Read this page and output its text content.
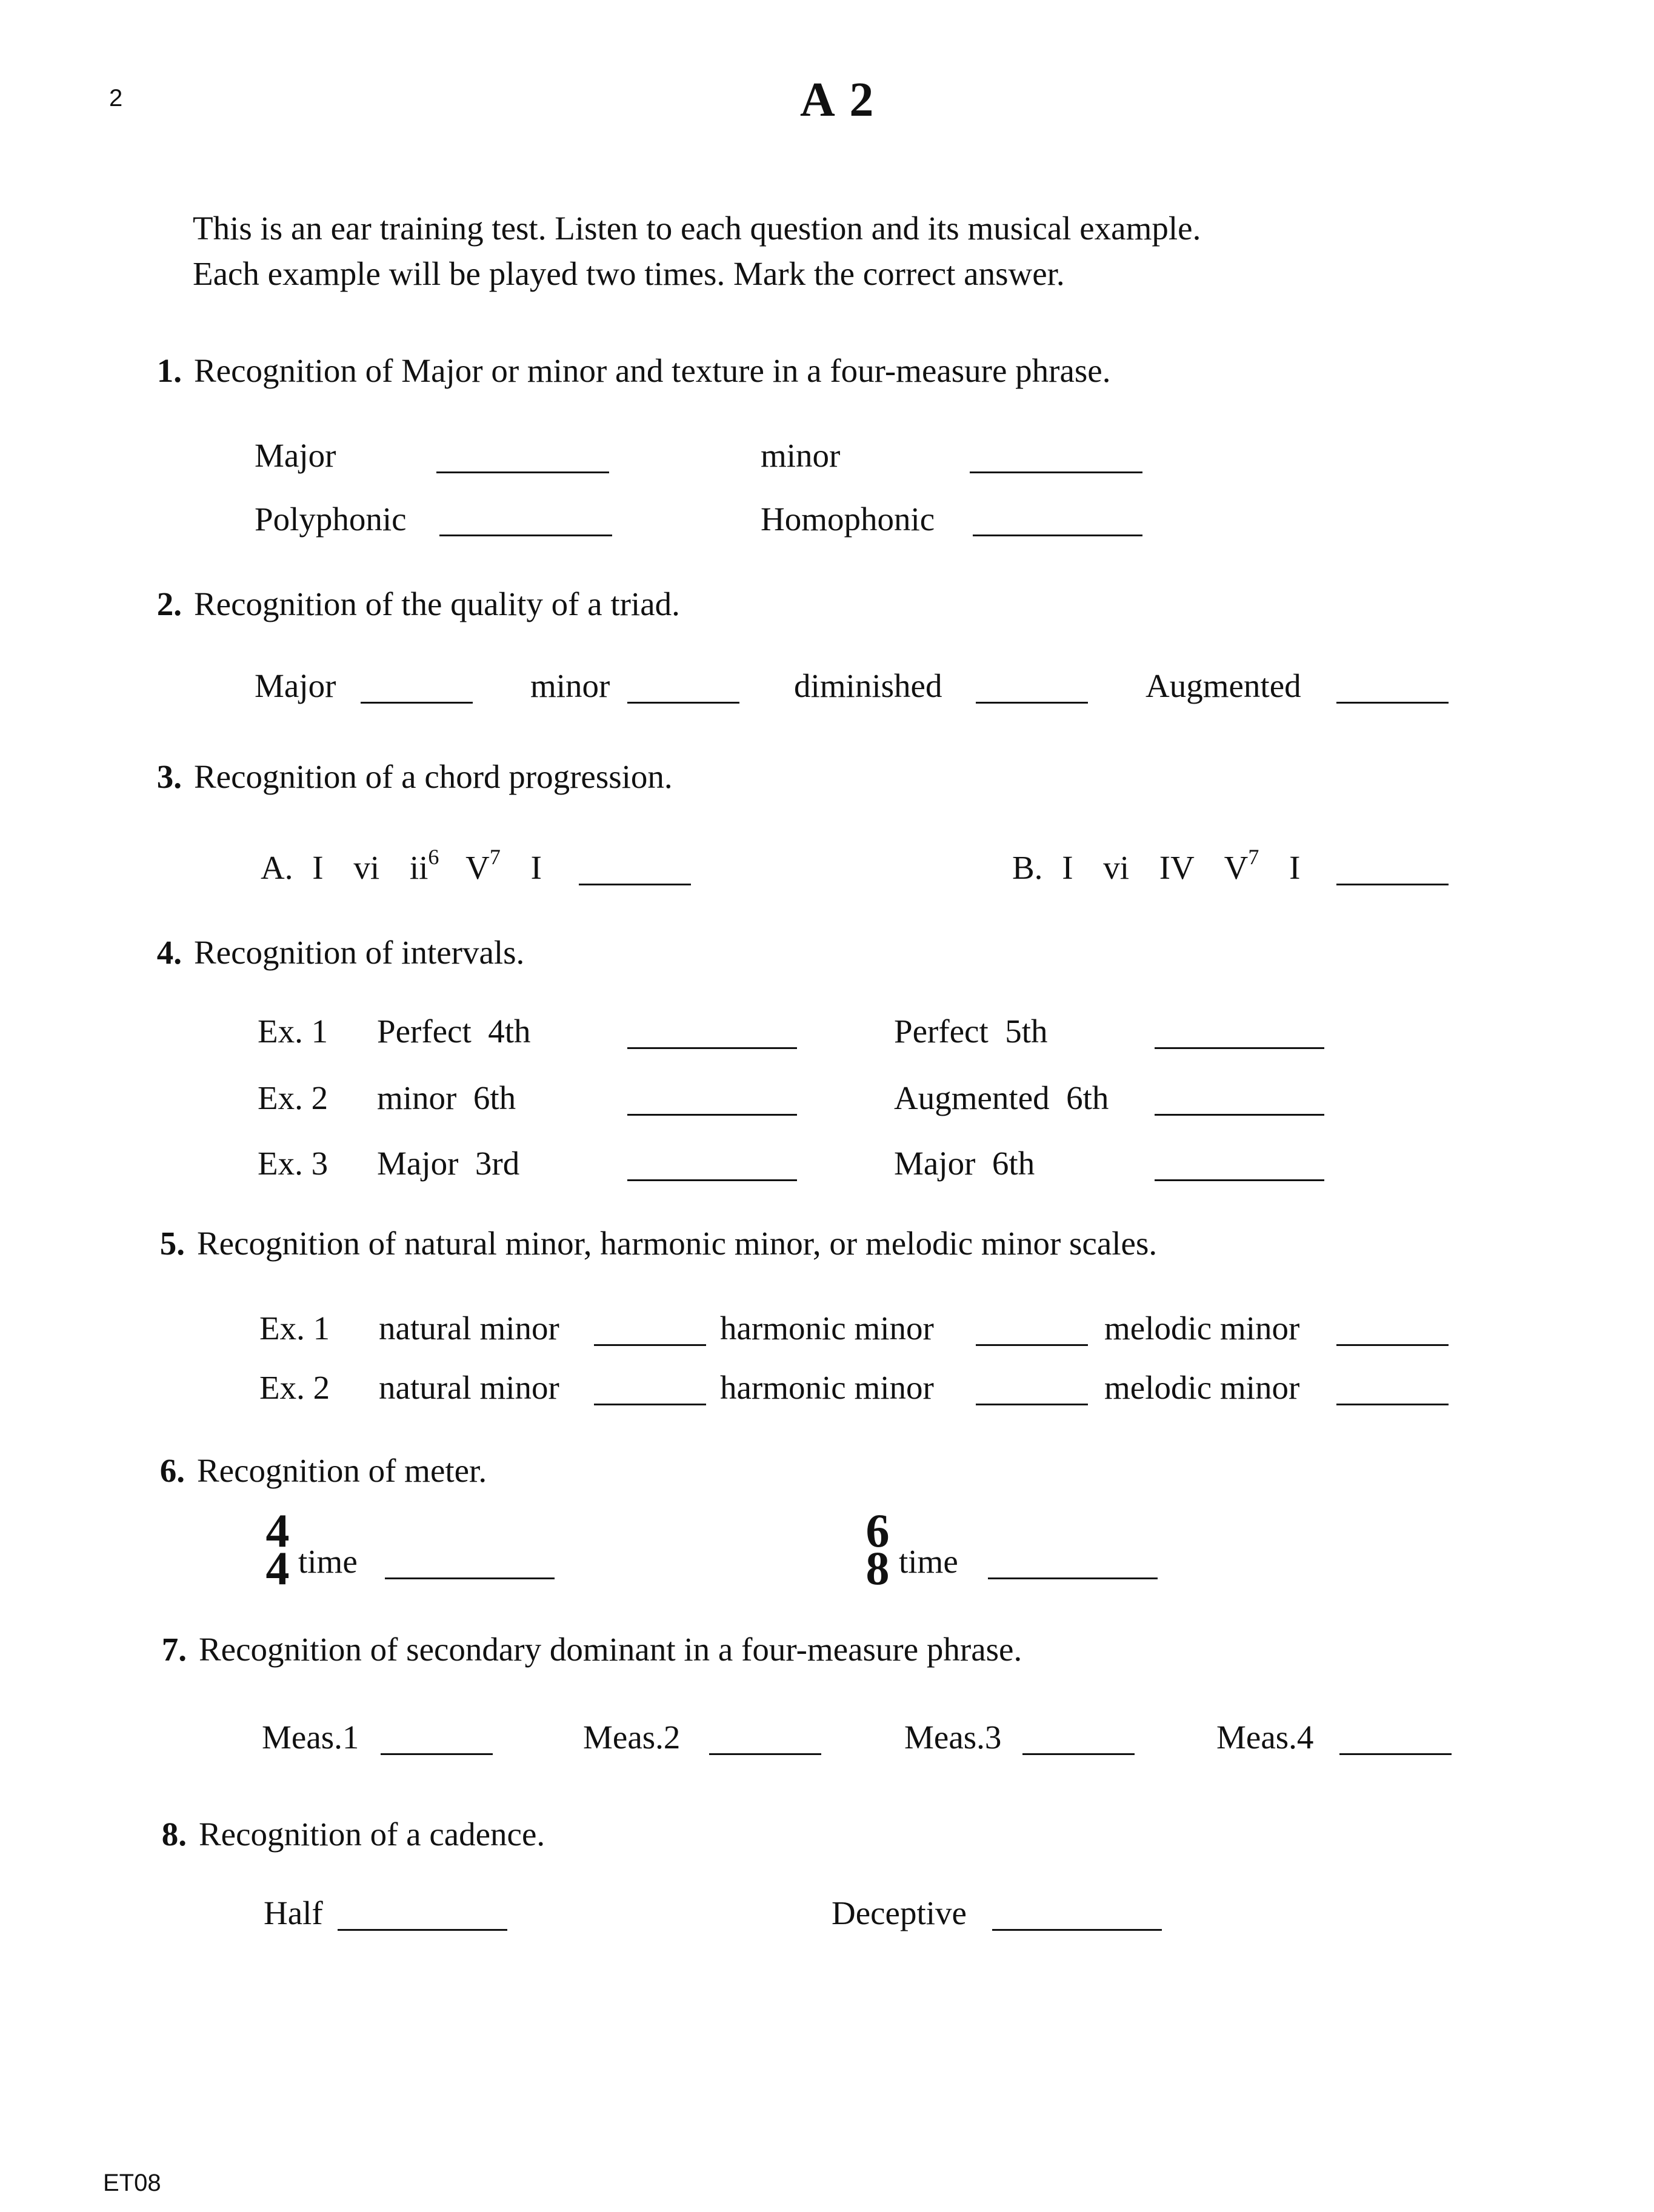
2	A 2
This is an ear training test. Listen to each question and its musical example.
Each example will be played two times. Mark the correct answer.
1. Recognition of Major or minor and texture in a four-measure phrase.
Major	minor
Polyphonic	Homophonic
2. Recognition of the quality of a triad.
Major	minor	diminished	Augmented
3. Recognition of a chord progression.
A. I vi $ii^6$ $V^7$ I	B. I vi IV $V^7$ I
4. Recognition of intervals.
Ex. 1 Perfect  4th	Perfect  5th
Ex. 2 minor  6th	Augmented  6th
Ex. 3 Major  3rd	Major  6th
5. Recognition of natural minor, harmonic minor, or melodic minor scales.
Ex. 1 natural minor	harmonic minor	melodic minor
Ex. 2 natural minor	harmonic minor	melodic minor
6. Recognition of meter.
4
4 time
6
8 time
7. Recognition of secondary dominant in a four-measure phrase.
Meas.1	Meas.2	Meas.3	Meas.4
8. Recognition of a cadence.
Half	Deceptive
ET08
